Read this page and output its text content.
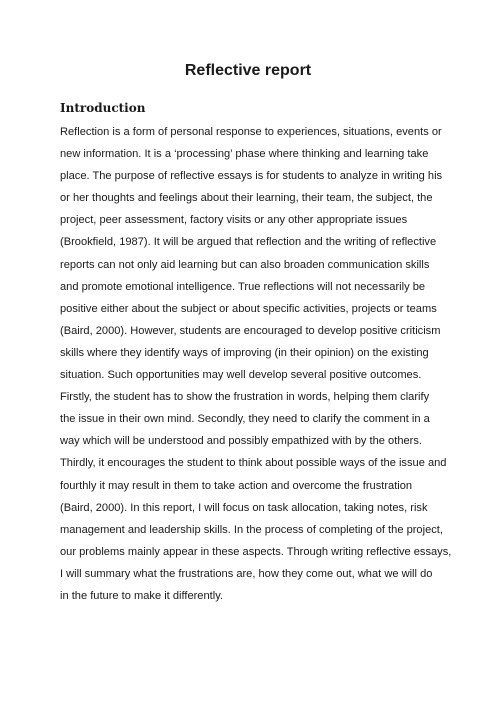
Reflective report
Introduction

Reflection is a form of personal response to experiences, situations, events or
new information. It is a ‘processing’ phase where thinking and learning take
place. The purpose of reflective essays is for students to analyze in writing his
or her thoughts and feelings about their learning, their team, the subject, the
project, peer assessment, factory visits or any other appropriate issues
(Brookfield, 1987). It will be argued that reflection and the writing of reflective
reports can not only aid learning but can also broaden communication skills
and promote emotional intelligence. True reflections will not necessarily be
positive either about the subject or about specific activities, projects or teams
(Baird, 2000). However, students are encouraged to develop positive criticism
skills where they identify ways of improving (in their opinion) on the existing
situation. Such opportunities may well develop several positive outcomes.
Firstly, the student has to show the frustration in words, helping them clarify
the issue in their own mind. Secondly, they need to clarify the comment in a
way which will be understood and possibly empathized with by the others.
Thirdly, it encourages the student to think about possible ways of the issue and
fourthly it may result in them to take action and overcome the frustration
(Baird, 2000). In this report, I will focus on task allocation, taking notes, risk
management and leadership skills. In the process of completing of the project,
our problems mainly appear in these aspects. Through writing reflective essays,
I will summary what the frustrations are, how they come out, what we will do
in the future to make it differently.
